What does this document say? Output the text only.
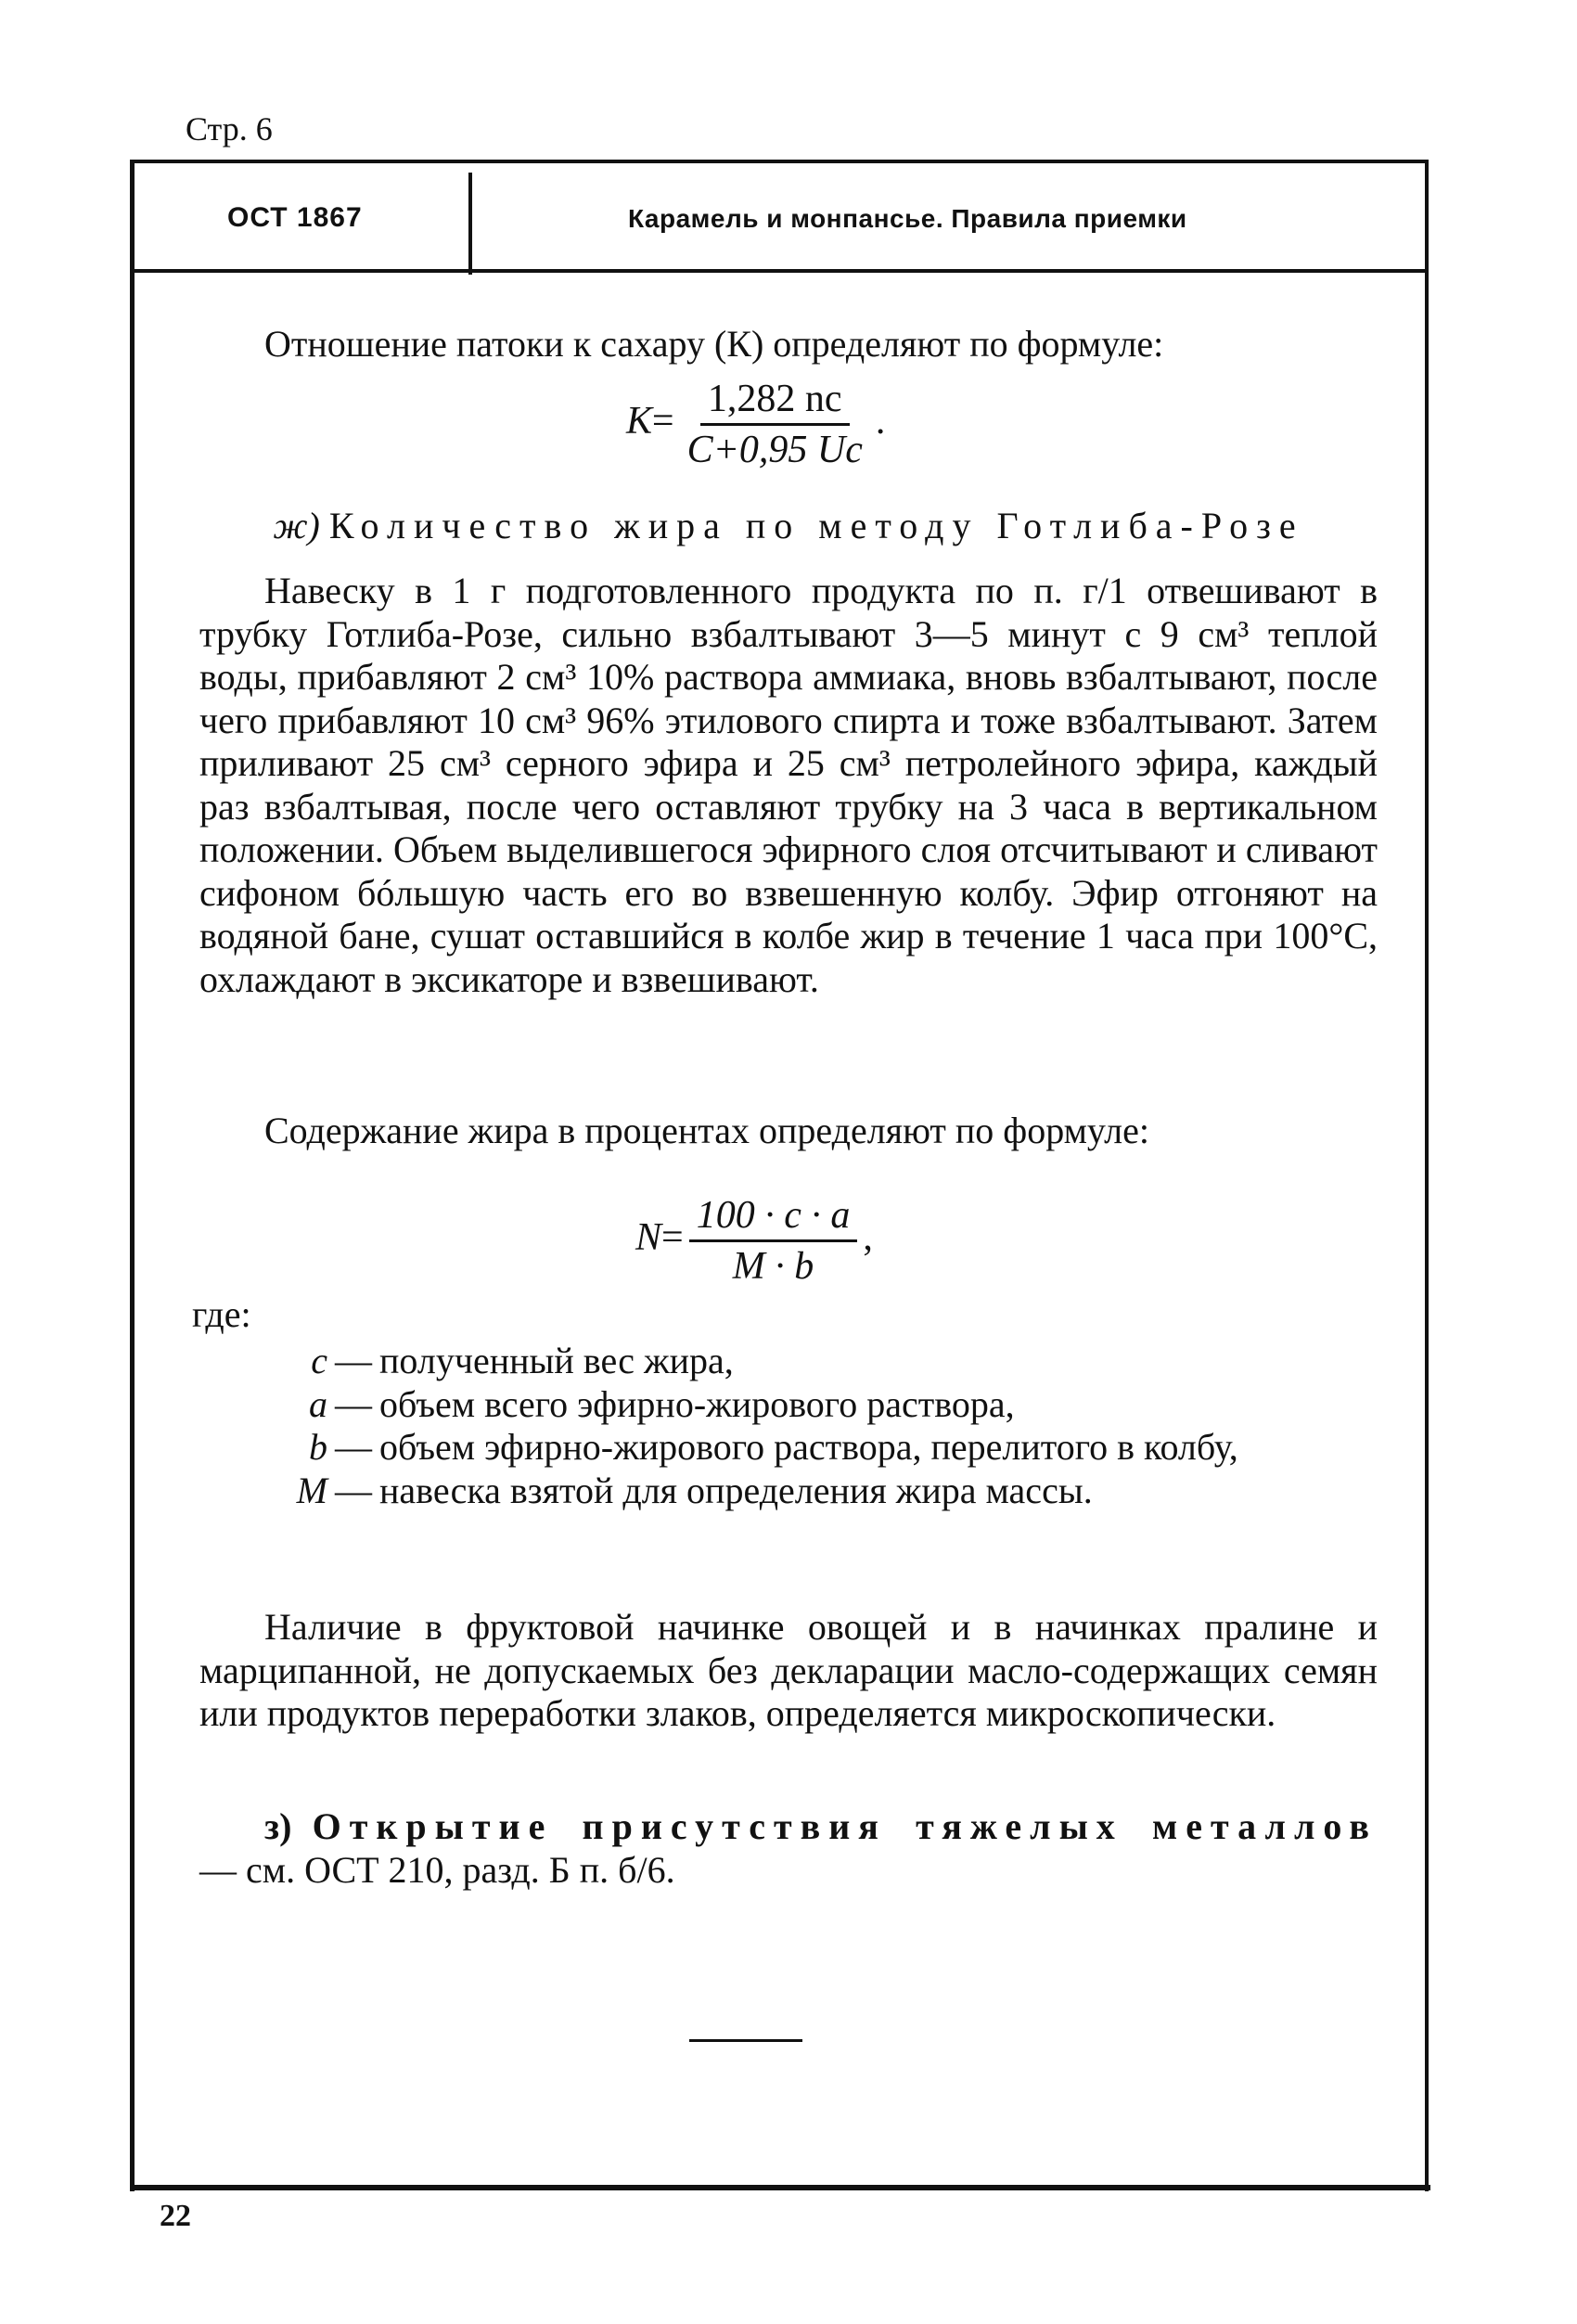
Стр. 6
ОСТ 1867	Карамель и монпансье. Правила приемки

Отношение патоки к сахару (К) определяют по формуле:

$К= \frac{1,282 nс}{С+0,95 Uс}$ .

ж) Количество жира по методу Готлиба-Розе

Навеску в 1 г подготовленного продукта по п. г/1 отвешивают в трубку Готлиба-Розе, сильно взбалтывают 3—5 минут с 9 см³ теплой воды, прибавляют 2 см³ 10% раствора аммиака, вновь взбалтывают, после чего прибавляют 10 см³ 96% этилового спирта и тоже взбалтывают. Затем приливают 25 см³ серного эфира и 25 см³ петролейного эфира, каждый раз взбалтывая, после чего оставляют трубку на 3 часа в вертикальном положении. Объем выделившегося эфирного слоя отсчитывают и сливают сифоном бóльшую часть его во взвешенную колбу. Эфир отгоняют на водяной бане, сушат оставшийся в колбе жир в течение 1 часа при 100°С, охлаждают в эксикаторе и взвешивают.

Содержание жира в процентах определяют по формуле:

$N= \frac{100 \cdot c \cdot a}{M \cdot b}$ ,

где:

c — полученный вес жира,
a — объем всего эфирно-жирового раствора,
b — объем эфирно-жирового раствора, перелитого в колбу,
M — навеска взятой для определения жира массы.

Наличие в фруктовой начинке овощей и в начинках пралине и марципанной, не допускаемых без декларации масло-содержащих семян или продуктов переработки злаков, определяется микроскопически.

з) Открытие присутствия тяжелых металлов — см. ОСТ 210, разд. Б п. б/6.

22
